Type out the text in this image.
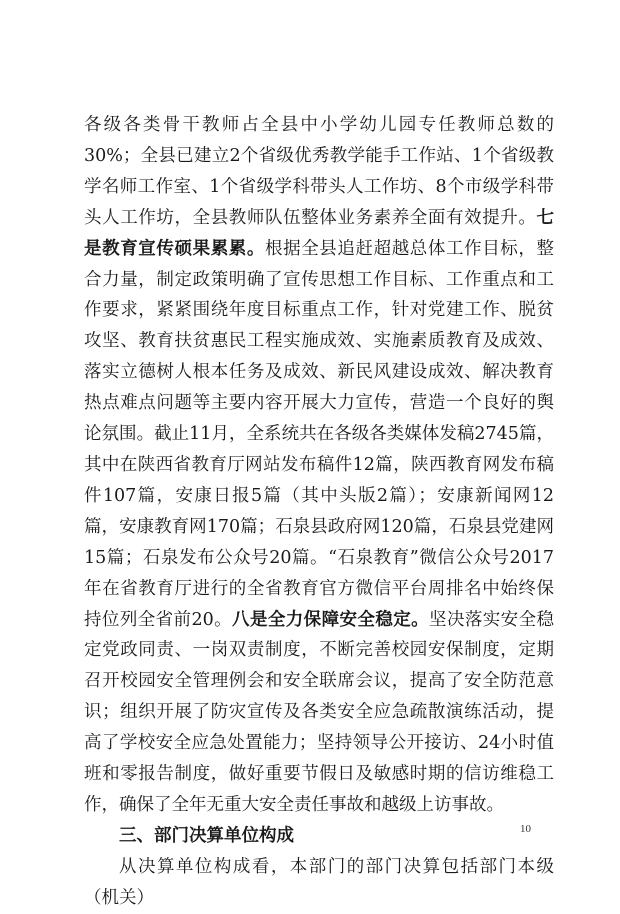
各级各类骨干教师占全县中小学幼儿园专任教师总数的30%；全县已建立2个省级优秀教学能手工作站、1个省级教学名师工作室、1个省级学科带头人工作坊、8个市级学科带头人工作坊，全县教师队伍整体业务素养全面有效提升。七是教育宣传硕果累累。根据全县追赶超越总体工作目标，整合力量，制定政策明确了宣传思想工作目标、工作重点和工作要求，紧紧围绕年度目标重点工作，针对党建工作、脱贫攻坚、教育扶贫惠民工程实施成效、实施素质教育及成效、落实立德树人根本任务及成效、新民风建设成效、解决教育热点难点问题等主要内容开展大力宣传，营造一个良好的舆论氛围。截止11月，全系统共在各级各类媒体发稿2745篇，其中在陕西省教育厅网站发布稿件12篇，陕西教育网发布稿件107篇，安康日报5篇（其中头版2篇）；安康新闻网12篇，安康教育网170篇；石泉县政府网120篇，石泉县党建网15篇；石泉发布公众号20篇。“石泉教育”微信公众号2017年在省教育厅进行的全省教育官方微信平台周排名中始终保持位列全省前20。八是全力保障安全稳定。坚决落实安全稳定党政同责、一岗双责制度，不断完善校园安保制度，定期召开校园安全管理例会和安全联席会议，提高了安全防范意识；组织开展了防灾宣传及各类安全应急疏散演练活动，提高了学校安全应急处置能力；坚持领导公开接访、24小时值班和零报告制度，做好重要节假日及敏感时期的信访维稳工作，确保了全年无重大安全责任事故和越级上访事故。

三、部门决算单位构成

从决算单位构成看，本部门的部门决算包括部门本级（机关）

10
